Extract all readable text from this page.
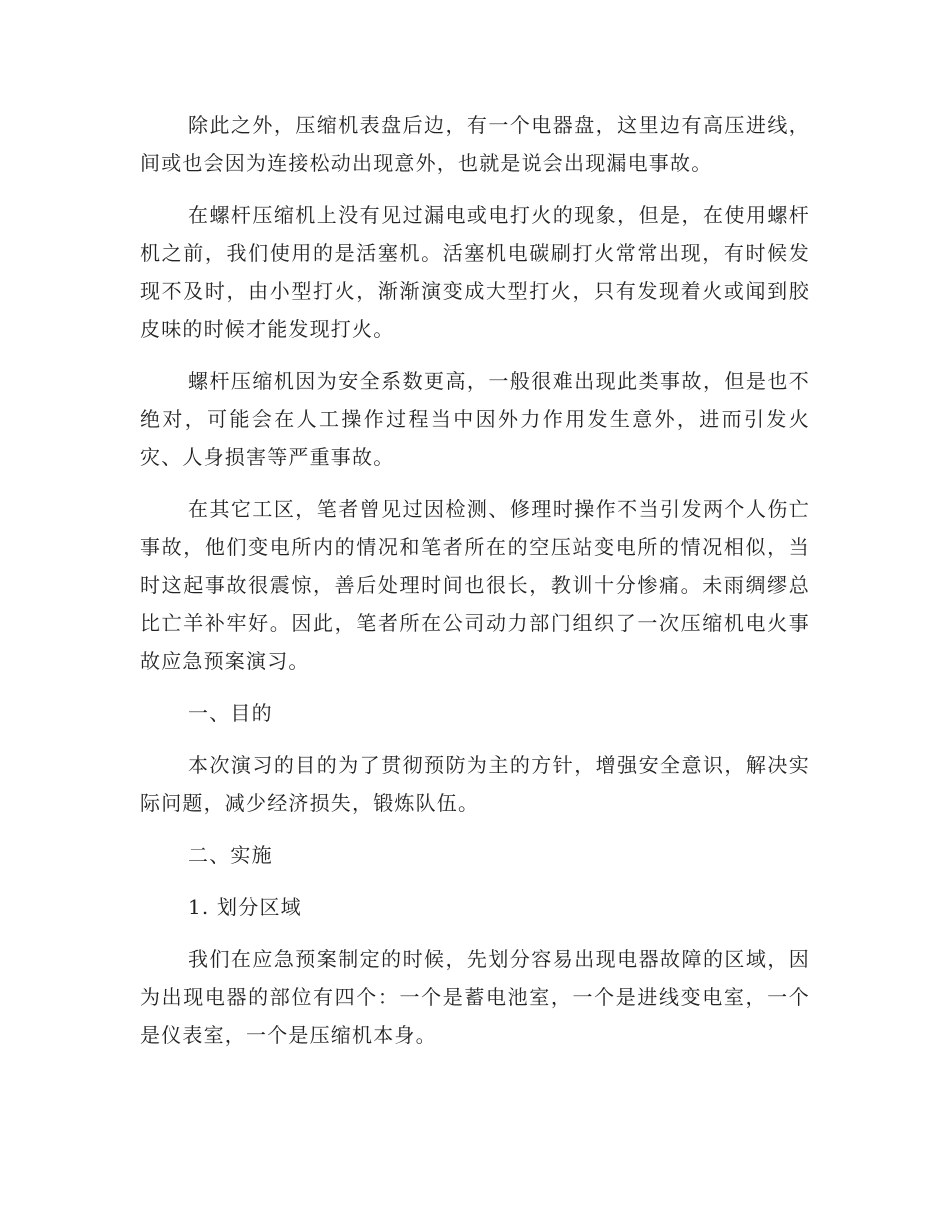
除此之外，压缩机表盘后边，有一个电器盘，这里边有高压进线，间或也会因为连接松动出现意外，也就是说会出现漏电事故。

在螺杆压缩机上没有见过漏电或电打火的现象，但是，在使用螺杆机之前，我们使用的是活塞机。活塞机电碳刷打火常常出现，有时候发现不及时，由小型打火，渐渐演变成大型打火，只有发现着火或闻到胶皮味的时候才能发现打火。

螺杆压缩机因为安全系数更高，一般很难出现此类事故，但是也不绝对，可能会在人工操作过程当中因外力作用发生意外，进而引发火灾、人身损害等严重事故。

在其它工区，笔者曾见过因检测、修理时操作不当引发两个人伤亡事故，他们变电所内的情况和笔者所在的空压站变电所的情况相似，当时这起事故很震惊，善后处理时间也很长，教训十分惨痛。未雨绸缪总比亡羊补牢好。因此，笔者所在公司动力部门组织了一次压缩机电火事故应急预案演习。

一、目的

本次演习的目的为了贯彻预防为主的方针，增强安全意识，解决实际问题，减少经济损失，锻炼队伍。

二、实施

1. 划分区域

我们在应急预案制定的时候，先划分容易出现电器故障的区域，因为出现电器的部位有四个：一个是蓄电池室，一个是进线变电室，一个是仪表室，一个是压缩机本身。
